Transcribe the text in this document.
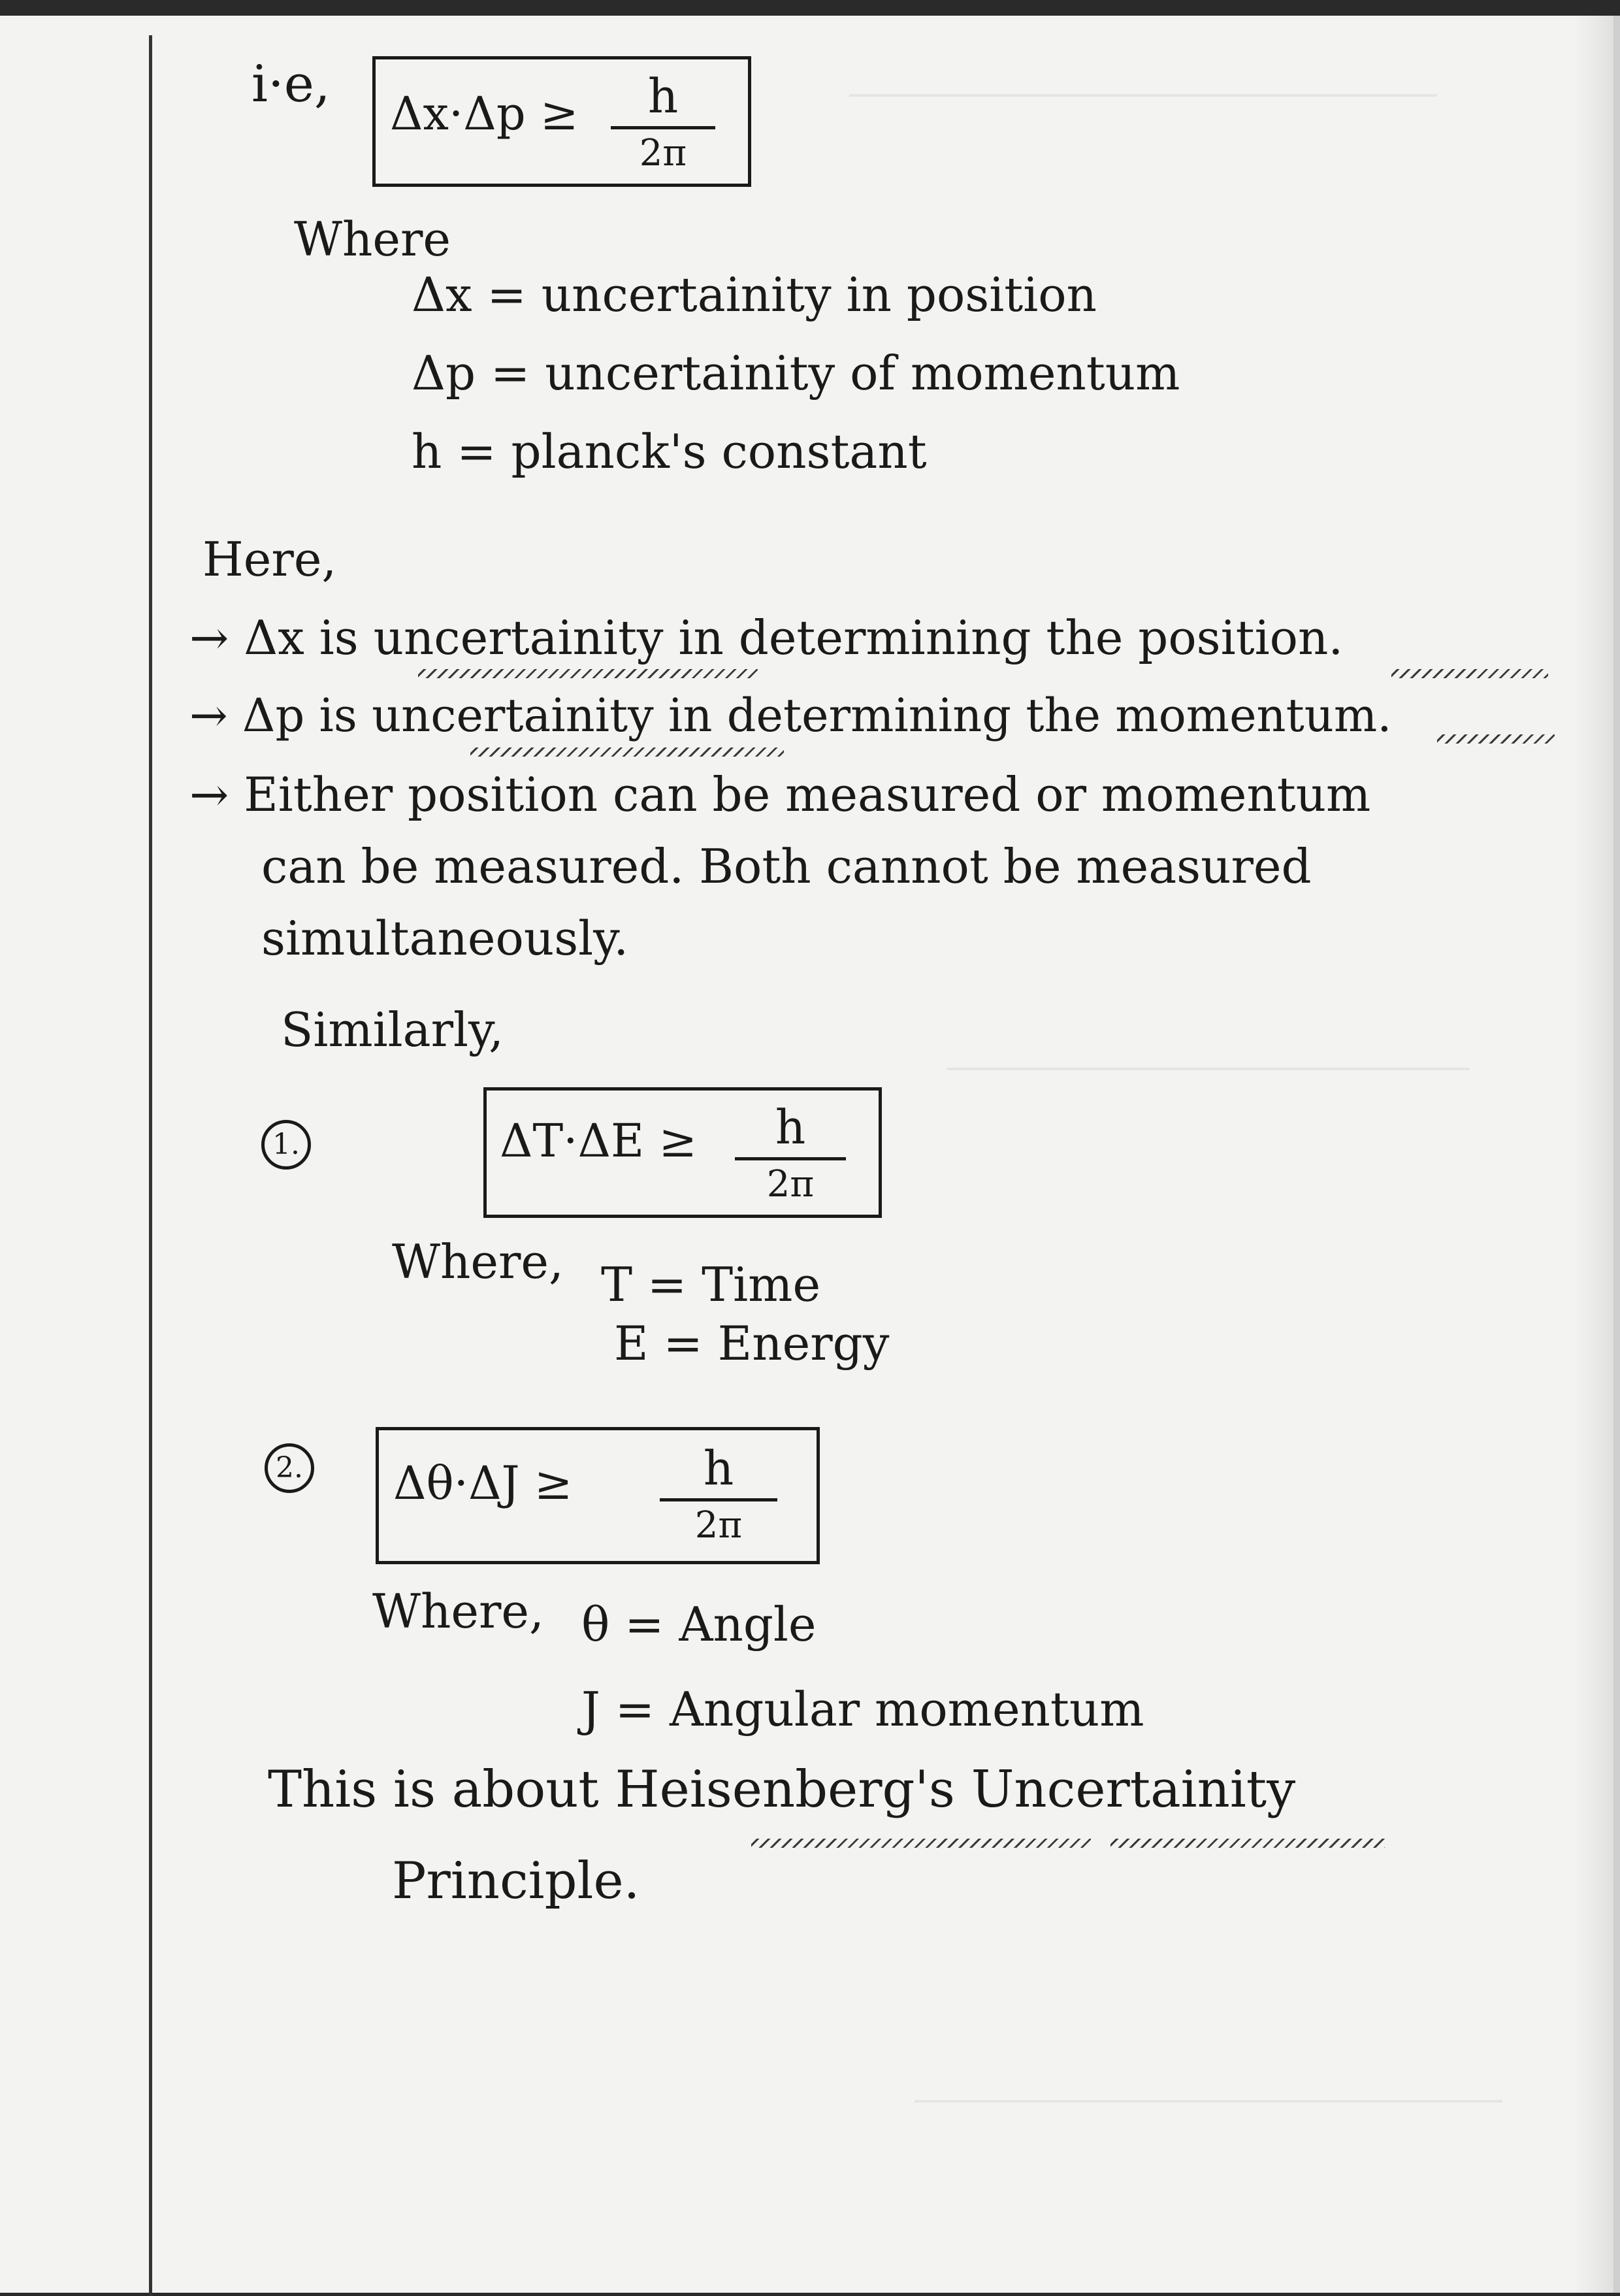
i·e, Δx·Δp ≥	h
2π
Where
Δx = uncertainity in position
Δp = uncertainity of momentum
h = planck's constant
Here,
→ Δx is uncertainity in determining the position.
→ Δp is uncertainity in determining the momentum.
→ Either position can be measured or momentum
can be measured. Both cannot be measured
simultaneously.
Similarly,
1.	ΔT·ΔE ≥	h
2π
Where, T = Time
E = Energy
2. Δθ·ΔJ ≥	h
2π
Where, θ = Angle
J = Angular momentum
This is about Heisenberg's Uncertainity
Principle.
